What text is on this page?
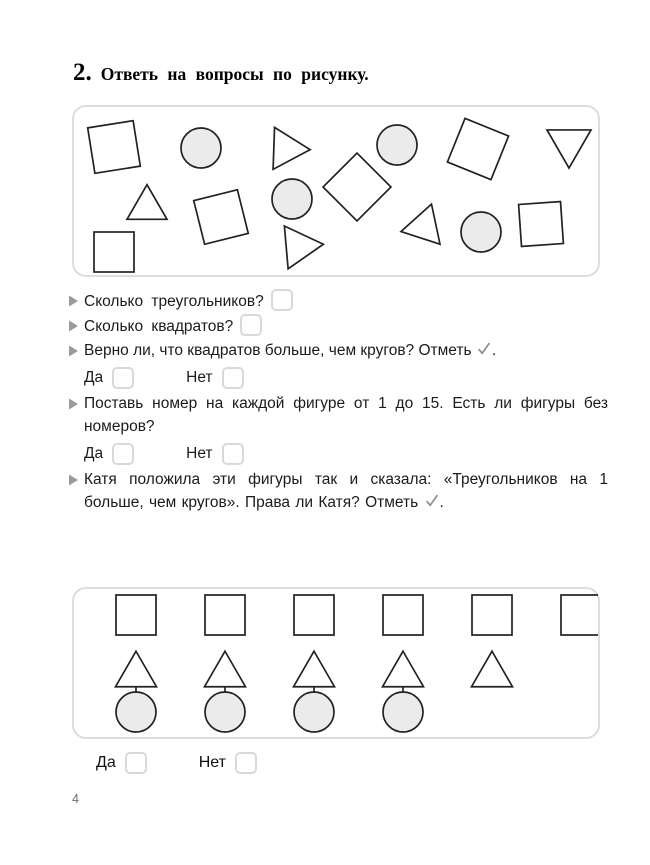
2. Ответь на вопросы по рисунку.
Сколько треугольников?
Сколько квадратов?
Верно ли, что квадратов больше, чем кругов? Отметь .
Да	Нет
Поставь номер на каждой фигуре от 1 до 15. Есть ли фигуры без номеров?
Да	Нет
Катя положила эти фигуры так и сказала: «Треугольников на 1 больше, чем кругов». Права ли Катя? Отметь .
Да	Нет
4
